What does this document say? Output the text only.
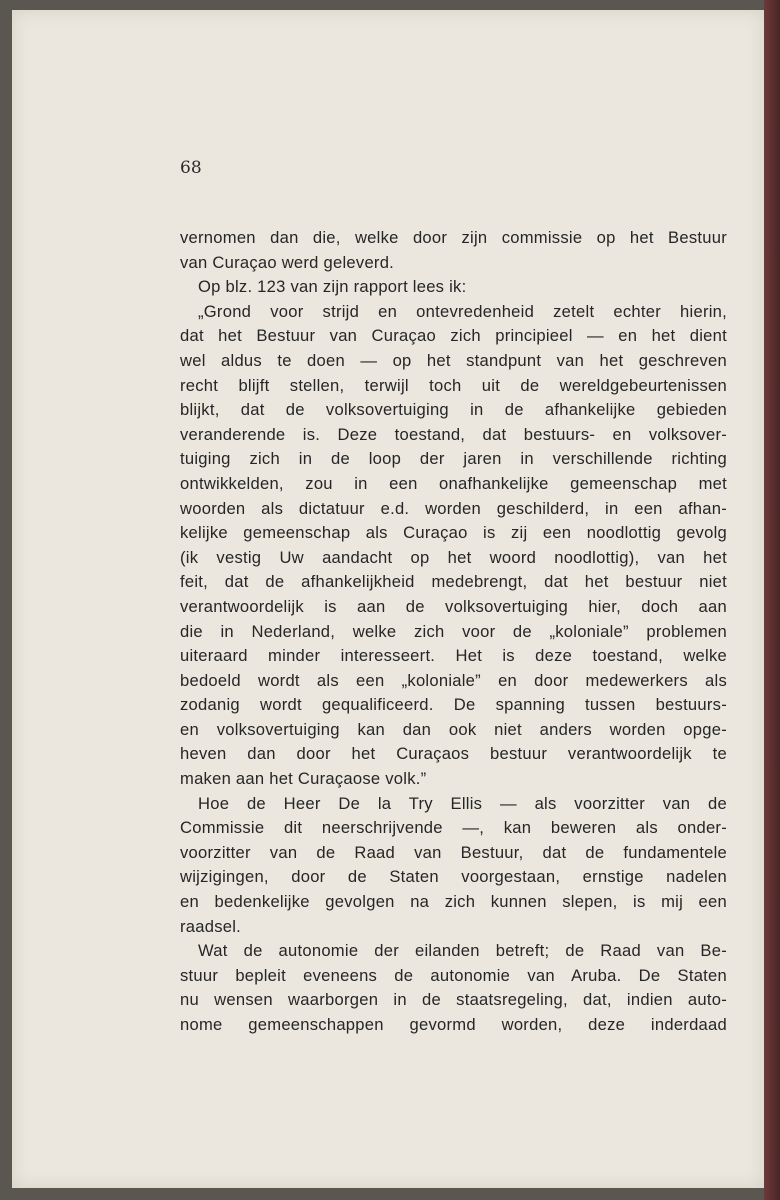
68

vernomen dan die, welke door zijn commissie op het Bestuur
van Curaçao werd geleverd.
Op blz. 123 van zijn rapport lees ik:
„Grond voor strijd en ontevredenheid zetelt echter hierin,
dat het Bestuur van Curaçao zich principieel — en het dient
wel aldus te doen — op het standpunt van het geschreven
recht blijft stellen, terwijl toch uit de wereldgebeurtenissen
blijkt, dat de volksovertuiging in de afhankelijke gebieden
veranderende is. Deze toestand, dat bestuurs- en volksover-
tuiging zich in de loop der jaren in verschillende richting
ontwikkelden, zou in een onafhankelijke gemeenschap met
woorden als dictatuur e.d. worden geschilderd, in een afhan-
kelijke gemeenschap als Curaçao is zij een noodlottig gevolg
(ik vestig Uw aandacht op het woord noodlottig), van het
feit, dat de afhankelijkheid medebrengt, dat het bestuur niet
verantwoordelijk is aan de volksovertuiging hier, doch aan
die in Nederland, welke zich voor de „koloniale” problemen
uiteraard minder interesseert. Het is deze toestand, welke
bedoeld wordt als een „koloniale” en door medewerkers als
zodanig wordt gequalificeerd. De spanning tussen bestuurs-
en volksovertuiging kan dan ook niet anders worden opge-
heven dan door het Curaçaos bestuur verantwoordelijk te
maken aan het Curaçaose volk.”
Hoe de Heer De la Try Ellis — als voorzitter van de
Commissie dit neerschrijvende —, kan beweren als onder-
voorzitter van de Raad van Bestuur, dat de fundamentele
wijzigingen, door de Staten voorgestaan, ernstige nadelen
en bedenkelijke gevolgen na zich kunnen slepen, is mij een
raadsel.
Wat de autonomie der eilanden betreft; de Raad van Be-
stuur bepleit eveneens de autonomie van Aruba. De Staten
nu wensen waarborgen in de staatsregeling, dat, indien auto-
nome gemeenschappen gevormd worden, deze inderdaad
